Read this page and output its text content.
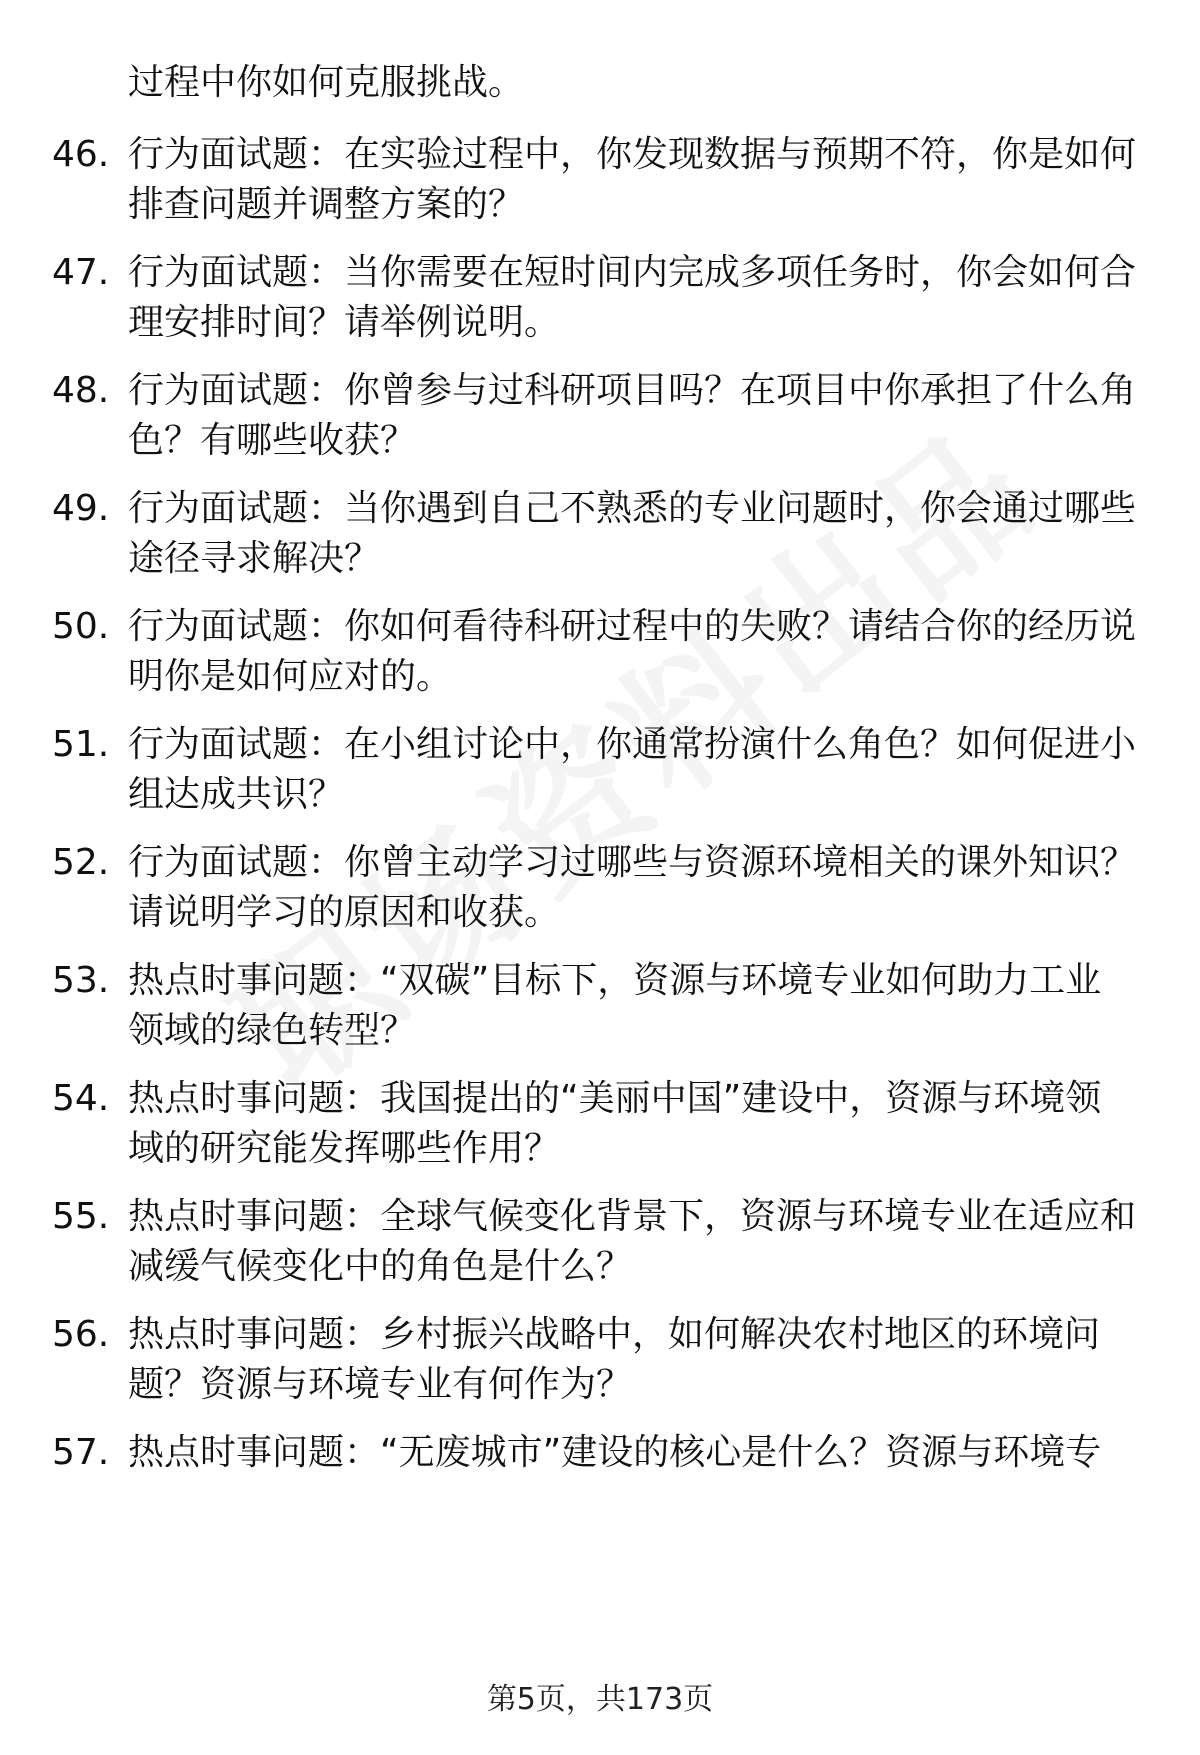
过程中你如何克服挑战。
46. 行为面试题：在实验过程中，你发现数据与预期不符，你是如何
排查问题并调整方案的？
47. 行为面试题：当你需要在短时间内完成多项任务时，你会如何合
理安排时间？请举例说明。
48. 行为面试题：你曾参与过科研项目吗？在项目中你承担了什么角
色？有哪些收获？
49. 行为面试题：当你遇到自己不熟悉的专业问题时，你会通过哪些
途径寻求解决？
50. 行为面试题：你如何看待科研过程中的失败？请结合你的经历说
明你是如何应对的。
51. 行为面试题：在小组讨论中，你通常扮演什么角色？如何促进小
组达成共识？
52. 行为面试题：你曾主动学习过哪些与资源环境相关的课外知识？
请说明学习的原因和收获。
53. 热点时事问题：“双碳”目标下，资源与环境专业如何助力工业
领域的绿色转型？
54. 热点时事问题：我国提出的“美丽中国”建设中，资源与环境领
域的研究能发挥哪些作用？
55. 热点时事问题：全球气候变化背景下，资源与环境专业在适应和
减缓气候变化中的角色是什么？
56. 热点时事问题：乡村振兴战略中，如何解决农村地区的环境问
题？资源与环境专业有何作为？
57. 热点时事问题：“无废城市”建设的核心是什么？资源与环境专
第5页，共173页
